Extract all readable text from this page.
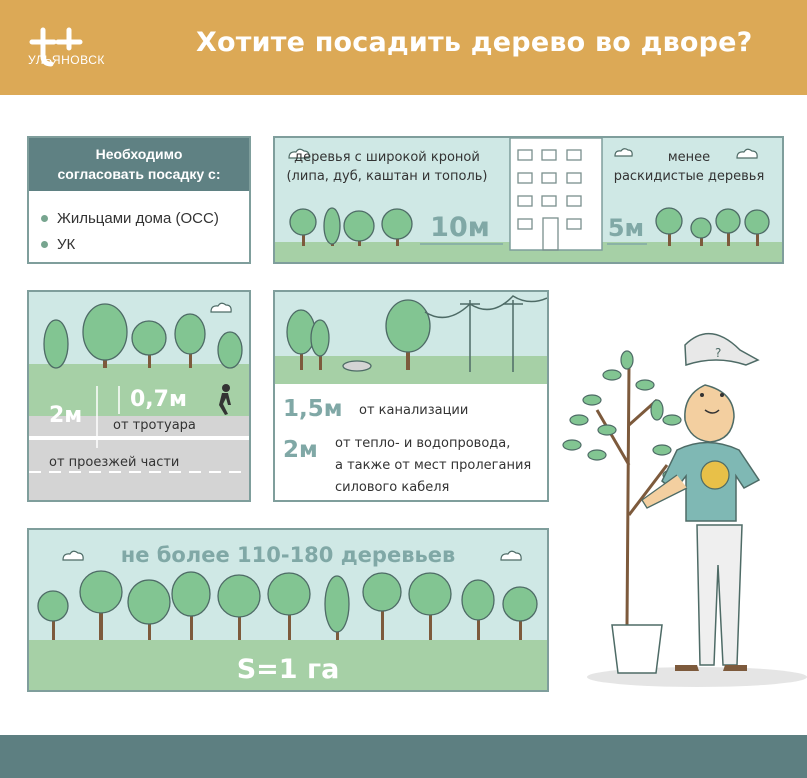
УЛЬЯНОВСК
Хотите посадить дерево во дворе?
Необходимо
согласовать посадку с:
Жильцами дома (ОСС)
УК
деревья с широкой кроной
(липа, дуб, каштан и тополь)
10м
менее
раскидистые деревья
5м
0,7м
от тротуара
2м
от проезжей части
1,5м от канализации
2м от тепло- и водопровода,
а также от мест пролегания
силового кабеля
не более 110-180 деревьев
S=1 га
?
